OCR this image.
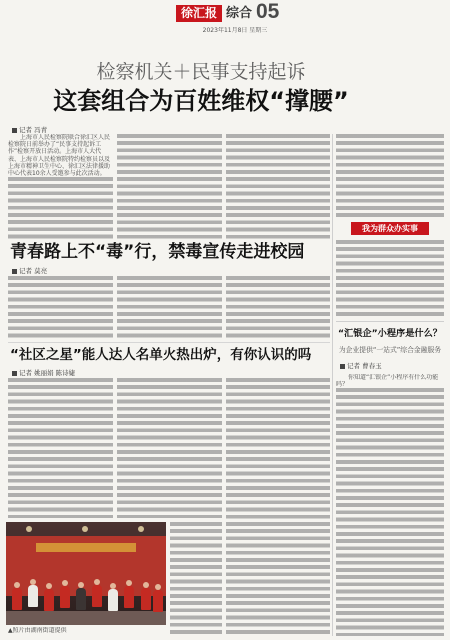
徐汇报 综合 05
2023年11月8日 星期三
检察机关＋民事支持起诉
这套组合为百姓维权“撑腰”
记者 冯青

上海市人民检察院联合徐汇区人民检察院日前举办了“民事支持起诉工作”检察开放日活动。上海市人大代表、上海市人民检察院特约检察员以及上海市精神卫生中心、徐汇区法律援助中心代表10余人受邀参与此次活动。

我为群众办实事
“汇银企”小程序是什么？
为企业提供“一站式”综合金融服务
记者 曹春玉

你知道“汇银企”小程序有什么功能吗？

青春路上不“毒”行，禁毒宣传走进校园
记者 莫亮
“社区之星”能人达人名单火热出炉，有你认识的吗
记者 姚丽娟 陈诗婕
▲照片由湖南街道提供
